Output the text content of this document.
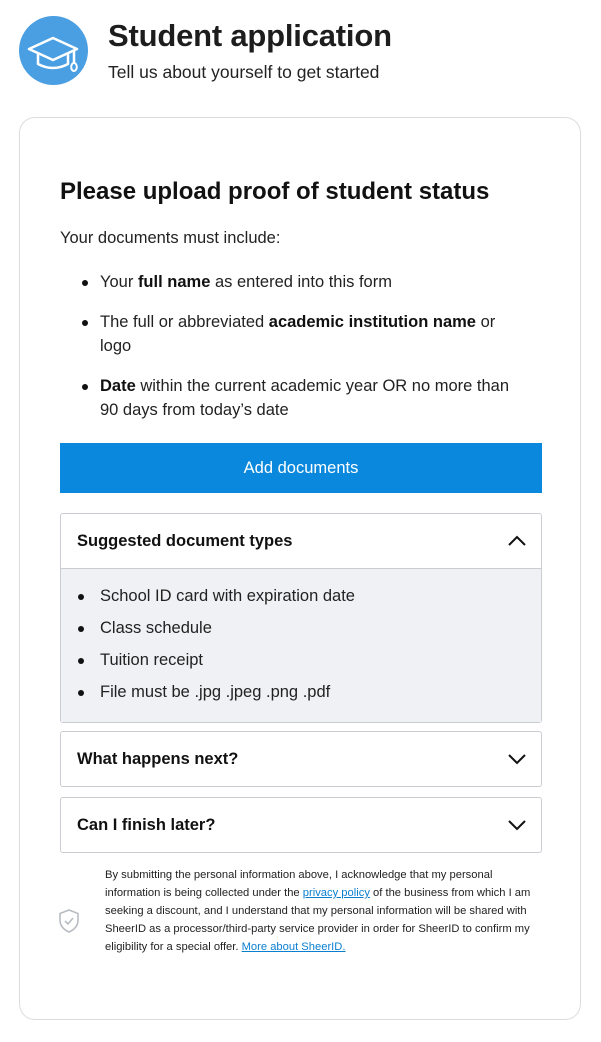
Student application
Tell us about yourself to get started
Please upload proof of student status
Your documents must include:
Your full name as entered into this form
The full or abbreviated academic institution name or logo
Date within the current academic year OR no more than 90 days from today’s date
Add documents
Suggested document types
School ID card with expiration date
Class schedule
Tuition receipt
File must be .jpg .jpeg .png .pdf
What happens next?
Can I finish later?
By submitting the personal information above, I acknowledge that my personal information is being collected under the privacy policy of the business from which I am seeking a discount, and I understand that my personal information will be shared with SheerID as a processor/third-party service provider in order for SheerID to confirm my eligibility for a special offer. More about SheerID.
